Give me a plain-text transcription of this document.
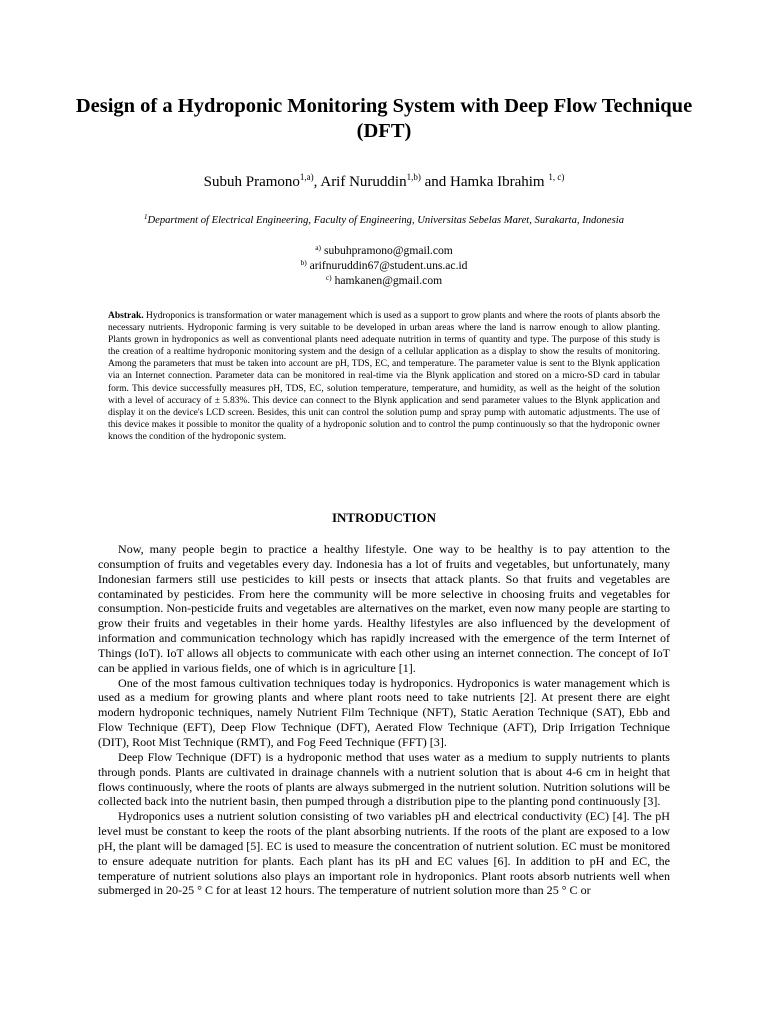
Design of a Hydroponic Monitoring System with Deep Flow Technique (DFT)
Subuh Pramono$^{1,a)}$, Arif Nuruddin$^{1,b)}$ and Hamka Ibrahim $^{1, c)}$
$^1$Department of Electrical Engineering, Faculty of Engineering, Universitas Sebelas Maret, Surakarta, Indonesia
$^{a)}$ subuhpramono@gmail.com
$^{b)}$ arifnuruddin67@student.uns.ac.id
$^{c)}$ hamkanen@gmail.com
Abstrak. Hydroponics is transformation or water management which is used as a support to grow plants and where the roots of plants absorb the necessary nutrients. Hydroponic farming is very suitable to be developed in urban areas where the land is narrow enough to allow planting. Plants grown in hydroponics as well as conventional plants need adequate nutrition in terms of quantity and type. The purpose of this study is the creation of a realtime hydroponic monitoring system and the design of a cellular application as a display to show the results of monitoring. Among the parameters that must be taken into account are pH, TDS, EC, and temperature. The parameter value is sent to the Blynk application via an Internet connection. Parameter data can be monitored in real-time via the Blynk application and stored on a micro-SD card in tabular form. This device successfully measures pH, TDS, EC, solution temperature, temperature, and humidity, as well as the height of the solution with a level of accuracy of ± 5.83%. This device can connect to the Blynk application and send parameter values to the Blynk application and display it on the device's LCD screen. Besides, this unit can control the solution pump and spray pump with automatic adjustments. The use of this device makes it possible to monitor the quality of a hydroponic solution and to control the pump continuously so that the hydroponic owner knows the condition of the hydroponic system.
INTRODUCTION

Now, many people begin to practice a healthy lifestyle. One way to be healthy is to pay attention to the consumption of fruits and vegetables every day. Indonesia has a lot of fruits and vegetables, but unfortunately, many Indonesian farmers still use pesticides to kill pests or insects that attack plants. So that fruits and vegetables are contaminated by pesticides. From here the community will be more selective in choosing fruits and vegetables for consumption. Non-pesticide fruits and vegetables are alternatives on the market, even now many people are starting to grow their fruits and vegetables in their home yards. Healthy lifestyles are also influenced by the development of information and communication technology which has rapidly increased with the emergence of the term Internet of Things (IoT). IoT allows all objects to communicate with each other using an internet connection. The concept of IoT can be applied in various fields, one of which is in agriculture [1].

One of the most famous cultivation techniques today is hydroponics. Hydroponics is water management which is used as a medium for growing plants and where plant roots need to take nutrients [2]. At present there are eight modern hydroponic techniques, namely Nutrient Film Technique (NFT), Static Aeration Technique (SAT), Ebb and Flow Technique (EFT), Deep Flow Technique (DFT), Aerated Flow Technique (AFT), Drip Irrigation Technique (DIT), Root Mist Technique (RMT), and Fog Feed Technique (FFT) [3].

Deep Flow Technique (DFT) is a hydroponic method that uses water as a medium to supply nutrients to plants through ponds. Plants are cultivated in drainage channels with a nutrient solution that is about 4-6 cm in height that flows continuously, where the roots of plants are always submerged in the nutrient solution. Nutrition solutions will be collected back into the nutrient basin, then pumped through a distribution pipe to the planting pond continuously [3].

Hydroponics uses a nutrient solution consisting of two variables pH and electrical conductivity (EC) [4]. The pH level must be constant to keep the roots of the plant absorbing nutrients. If the roots of the plant are exposed to a low pH, the plant will be damaged [5]. EC is used to measure the concentration of nutrient solution. EC must be monitored to ensure adequate nutrition for plants. Each plant has its pH and EC values [6]. In addition to pH and EC, the temperature of nutrient solutions also plays an important role in hydroponics. Plant roots absorb nutrients well when submerged in 20-25 ° C for at least 12 hours. The temperature of nutrient solution more than 25 ° C or
